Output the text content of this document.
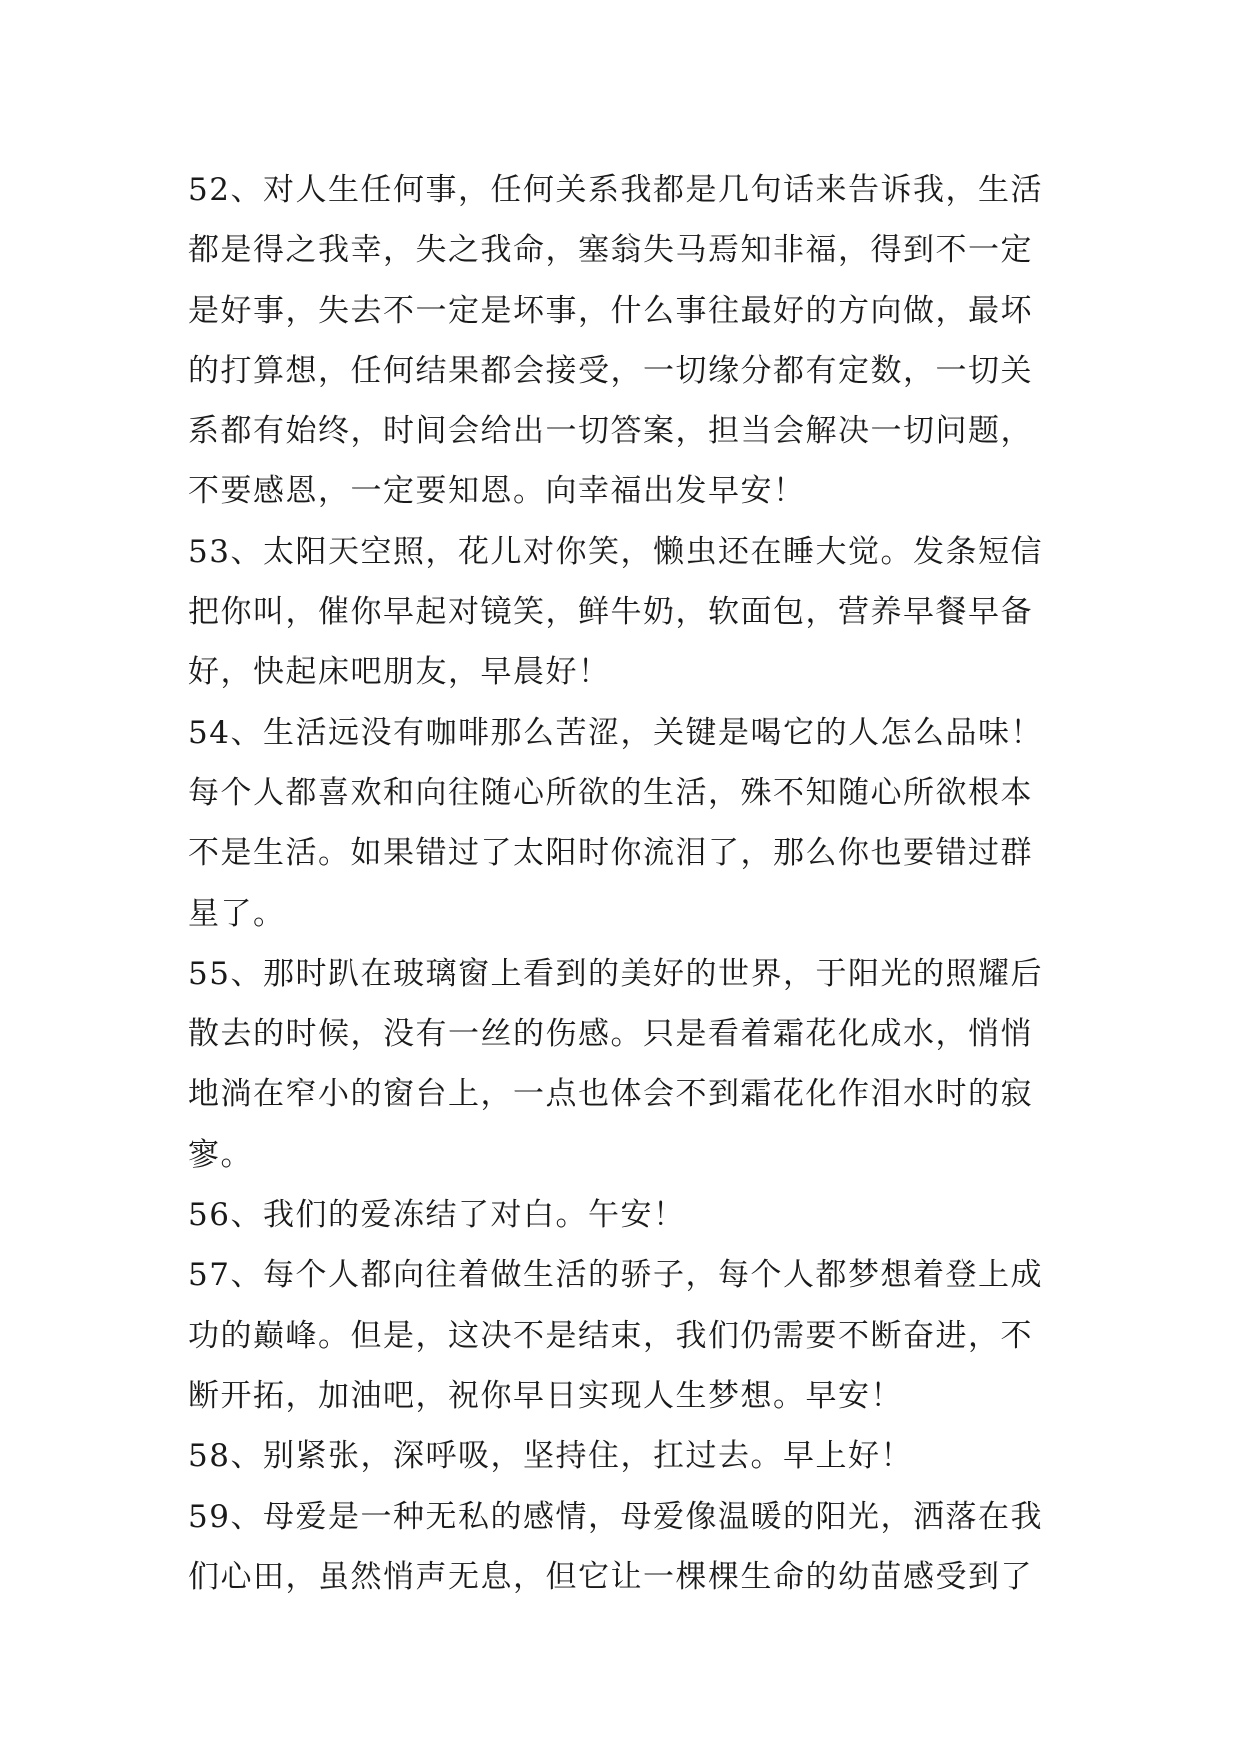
52、对人生任何事，任何关系我都是几句话来告诉我，生活
都是得之我幸，失之我命，塞翁失马焉知非福，得到不一定
是好事，失去不一定是坏事，什么事往最好的方向做，最坏
的打算想，任何结果都会接受，一切缘分都有定数，一切关
系都有始终，时间会给出一切答案，担当会解决一切问题，
不要感恩，一定要知恩。向幸福出发早安！
53、太阳天空照，花儿对你笑，懒虫还在睡大觉。发条短信
把你叫，催你早起对镜笑，鲜牛奶，软面包，营养早餐早备
好，快起床吧朋友，早晨好！
54、生活远没有咖啡那么苦涩，关键是喝它的人怎么品味！
每个人都喜欢和向往随心所欲的生活，殊不知随心所欲根本
不是生活。如果错过了太阳时你流泪了，那么你也要错过群
星了。
55、那时趴在玻璃窗上看到的美好的世界，于阳光的照耀后
散去的时候，没有一丝的伤感。只是看着霜花化成水，悄悄
地淌在窄小的窗台上，一点也体会不到霜花化作泪水时的寂
寥。
56、我们的爱冻结了对白。午安！
57、每个人都向往着做生活的骄子，每个人都梦想着登上成
功的巅峰。但是，这决不是结束，我们仍需要不断奋进，不
断开拓，加油吧，祝你早日实现人生梦想。早安！
58、别紧张，深呼吸，坚持住，扛过去。早上好！
59、母爱是一种无私的感情，母爱像温暖的阳光，洒落在我
们心田，虽然悄声无息，但它让一棵棵生命的幼苗感受到了
